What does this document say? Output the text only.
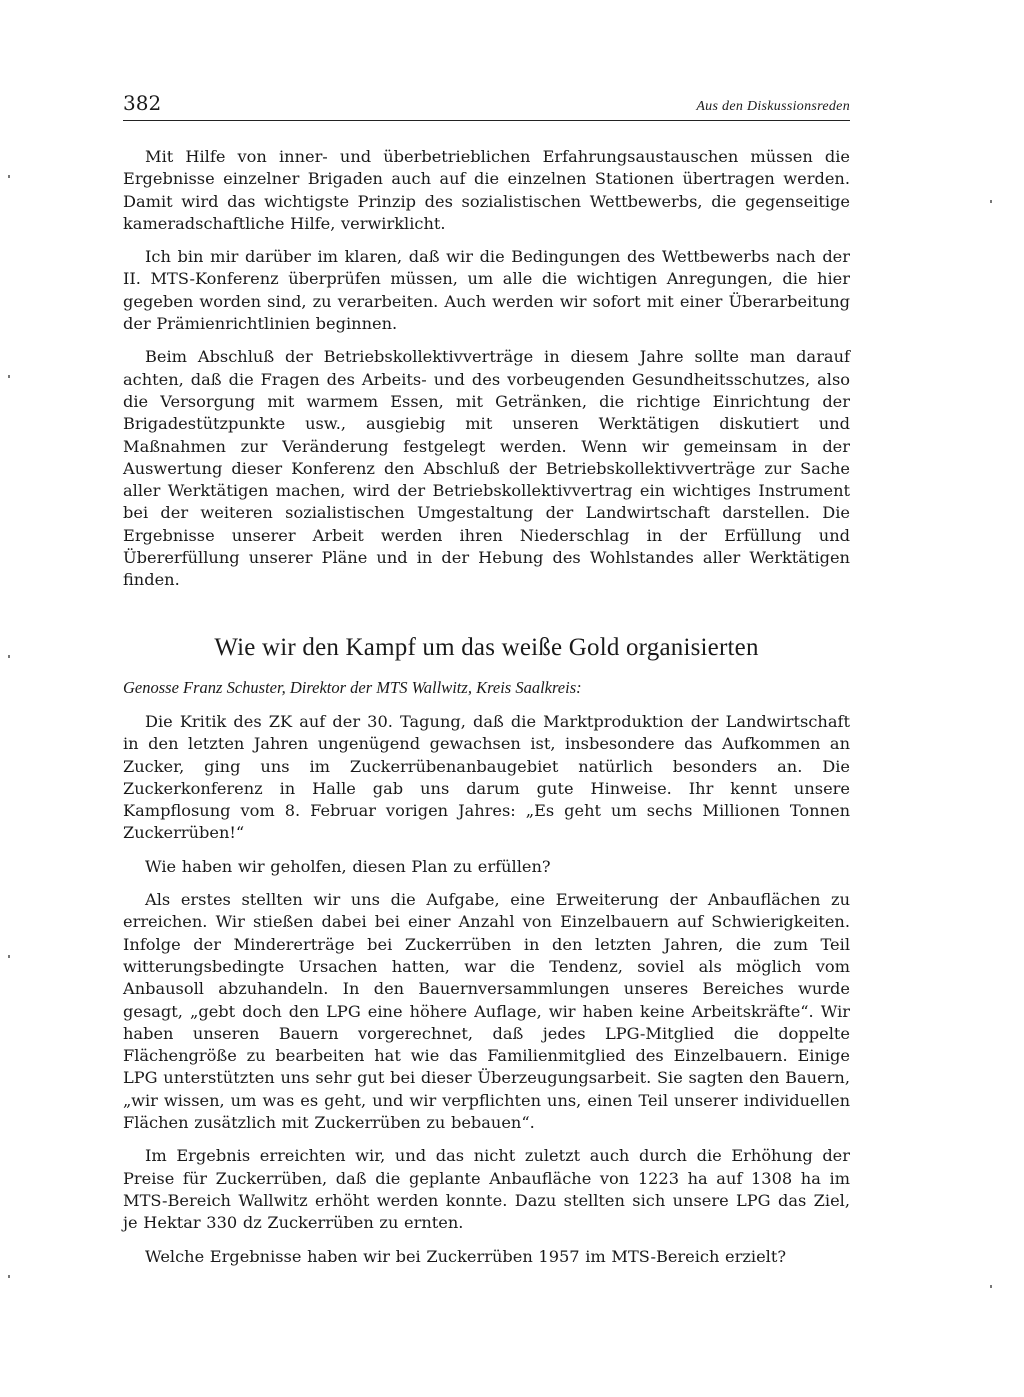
382	Aus den Diskussionsreden

Mit Hilfe von inner- und überbetrieblichen Erfahrungsaustauschen müssen die Ergebnisse einzelner Brigaden auch auf die einzelnen Stationen übertragen werden. Damit wird das wichtigste Prinzip des sozialistischen Wettbewerbs, die gegenseitige kameradschaftliche Hilfe, verwirklicht.

Ich bin mir darüber im klaren, daß wir die Bedingungen des Wettbewerbs nach der II. MTS-Konferenz überprüfen müssen, um alle die wichtigen Anregungen, die hier gegeben worden sind, zu verarbeiten. Auch werden wir sofort mit einer Überarbeitung der Prämienrichtlinien beginnen.

Beim Abschluß der Betriebskollektivverträge in diesem Jahre sollte man darauf achten, daß die Fragen des Arbeits- und des vorbeugenden Gesundheitsschutzes, also die Versorgung mit warmem Essen, mit Getränken, die richtige Einrichtung der Brigadestützpunkte usw., ausgiebig mit unseren Werktätigen diskutiert und Maßnahmen zur Veränderung festgelegt werden. Wenn wir gemeinsam in der Auswertung dieser Konferenz den Abschluß der Betriebskollektivverträge zur Sache aller Werktätigen machen, wird der Betriebskollektivvertrag ein wichtiges Instrument bei der weiteren sozialistischen Umgestaltung der Landwirtschaft darstellen. Die Ergebnisse unserer Arbeit werden ihren Niederschlag in der Erfüllung und Übererfüllung unserer Pläne und in der Hebung des Wohlstandes aller Werktätigen finden.

Wie wir den Kampf um das weiße Gold organisierten
Genosse Franz Schuster, Direktor der MTS Wallwitz, Kreis Saalkreis:

Die Kritik des ZK auf der 30. Tagung, daß die Marktproduktion der Landwirtschaft in den letzten Jahren ungenügend gewachsen ist, insbesondere das Aufkommen an Zucker, ging uns im Zuckerrübenanbaugebiet natürlich besonders an. Die Zuckerkonferenz in Halle gab uns darum gute Hinweise. Ihr kennt unsere Kampflosung vom 8. Februar vorigen Jahres: „Es geht um sechs Millionen Tonnen Zuckerrüben!“

Wie haben wir geholfen, diesen Plan zu erfüllen?

Als erstes stellten wir uns die Aufgabe, eine Erweiterung der Anbauflächen zu erreichen. Wir stießen dabei bei einer Anzahl von Einzelbauern auf Schwierigkeiten. Infolge der Mindererträge bei Zuckerrüben in den letzten Jahren, die zum Teil witterungsbedingte Ursachen hatten, war die Tendenz, soviel als möglich vom Anbausoll abzuhandeln. In den Bauernversammlungen unseres Bereiches wurde gesagt, „gebt doch den LPG eine höhere Auflage, wir haben keine Arbeitskräfte“. Wir haben unseren Bauern vorgerechnet, daß jedes LPG-Mitglied die doppelte Flächengröße zu bearbeiten hat wie das Familienmitglied des Einzelbauern. Einige LPG unterstützten uns sehr gut bei dieser Überzeugungsarbeit. Sie sagten den Bauern, „wir wissen, um was es geht, und wir verpflichten uns, einen Teil unserer individuellen Flächen zusätzlich mit Zuckerrüben zu bebauen“.

Im Ergebnis erreichten wir, und das nicht zuletzt auch durch die Erhöhung der Preise für Zuckerrüben, daß die geplante Anbaufläche von 1223 ha auf 1308 ha im MTS-Bereich Wallwitz erhöht werden konnte. Dazu stellten sich unsere LPG das Ziel, je Hektar 330 dz Zuckerrüben zu ernten.

Welche Ergebnisse haben wir bei Zuckerrüben 1957 im MTS-Bereich erzielt?
